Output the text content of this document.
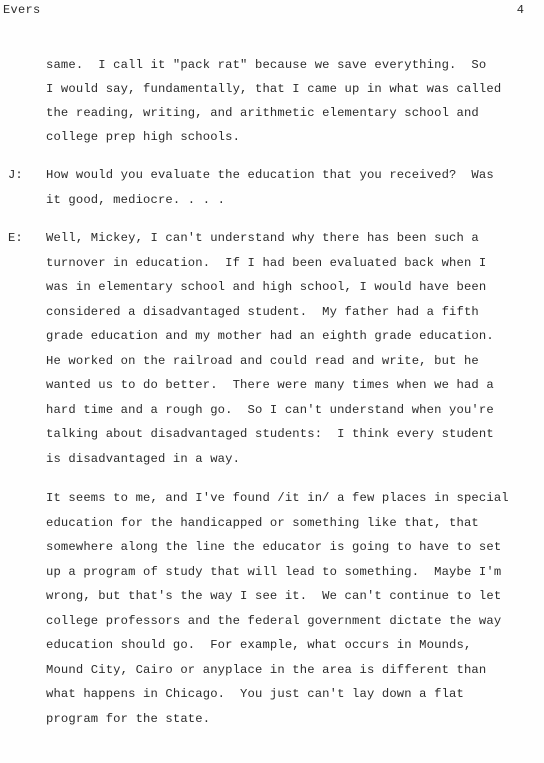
Evers	4
same.  I call it "pack rat" because we save everything.  So
I would say, fundamentally, that I came up in what was called
the reading, writing, and arithmetic elementary school and
college prep high schools.
J: How would you evaluate the education that you received?  Was
it good, mediocre. . . .
E: Well, Mickey, I can't understand why there has been such a
turnover in education.  If I had been evaluated back when I
was in elementary school and high school, I would have been
considered a disadvantaged student.  My father had a fifth
grade education and my mother had an eighth grade education.
He worked on the railroad and could read and write, but he
wanted us to do better.  There were many times when we had a
hard time and a rough go.  So I can't understand when you're
talking about disadvantaged students:  I think every student
is disadvantaged in a way.
It seems to me, and I've found /it in/ a few places in special
education for the handicapped or something like that, that
somewhere along the line the educator is going to have to set
up a program of study that will lead to something.  Maybe I'm
wrong, but that's the way I see it.  We can't continue to let
college professors and the federal government dictate the way
education should go.  For example, what occurs in Mounds,
Mound City, Cairo or anyplace in the area is different than
what happens in Chicago.  You just can't lay down a flat
program for the state.
